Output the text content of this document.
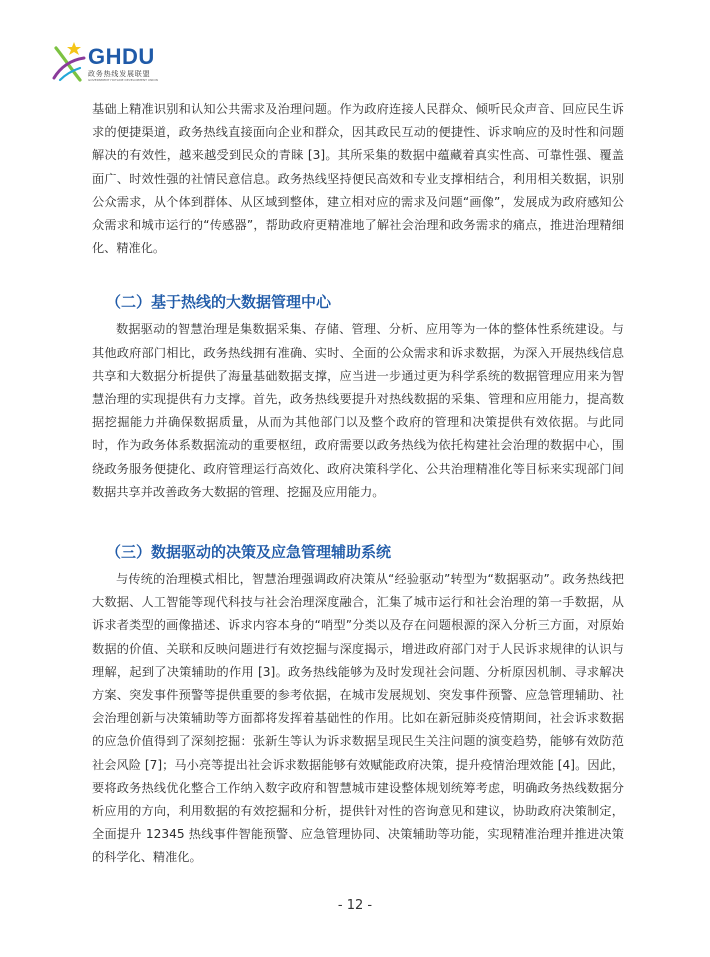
GHDU
政务热线发展联盟
GOVERNMENT HOTLINE DEVELOPMENT UNION

基础上精准识别和认知公共需求及治理问题。作为政府连接人民群众、倾听民众声音、回应民生诉求的便捷渠道，政务热线直接面向企业和群众，因其政民互动的便捷性、诉求响应的及时性和问题解决的有效性，越来越受到民众的青睐 [3]。其所采集的数据中蕴藏着真实性高、可靠性强、覆盖面广、时效性强的社情民意信息。政务热线坚持便民高效和专业支撑相结合，利用相关数据，识别公众需求，从个体到群体、从区域到整体，建立相对应的需求及问题“画像”，发展成为政府感知公众需求和城市运行的“传感器”，帮助政府更精准地了解社会治理和政务需求的痛点，推进治理精细化、精准化。

（二）基于热线的大数据管理中心

数据驱动的智慧治理是集数据采集、存储、管理、分析、应用等为一体的整体性系统建设。与其他政府部门相比，政务热线拥有准确、实时、全面的公众需求和诉求数据，为深入开展热线信息共享和大数据分析提供了海量基础数据支撑，应当进一步通过更为科学系统的数据管理应用来为智慧治理的实现提供有力支撑。首先，政务热线要提升对热线数据的采集、管理和应用能力，提高数据挖掘能力并确保数据质量，从而为其他部门以及整个政府的管理和决策提供有效依据。与此同时，作为政务体系数据流动的重要枢纽，政府需要以政务热线为依托构建社会治理的数据中心，围绕政务服务便捷化、政府管理运行高效化、政府决策科学化、公共治理精准化等目标来实现部门间数据共享并改善政务大数据的管理、挖掘及应用能力。

（三）数据驱动的决策及应急管理辅助系统

与传统的治理模式相比，智慧治理强调政府决策从“经验驱动”转型为“数据驱动”。政务热线把大数据、人工智能等现代科技与社会治理深度融合，汇集了城市运行和社会治理的第一手数据，从诉求者类型的画像描述、诉求内容本身的“哨型”分类以及存在问题根源的深入分析三方面，对原始数据的价值、关联和反映问题进行有效挖掘与深度揭示，增进政府部门对于人民诉求规律的认识与理解，起到了决策辅助的作用 [3]。政务热线能够为及时发现社会问题、分析原因机制、寻求解决方案、突发事件预警等提供重要的参考依据，在城市发展规划、突发事件预警、应急管理辅助、社会治理创新与决策辅助等方面都将发挥着基础性的作用。比如在新冠肺炎疫情期间，社会诉求数据的应急价值得到了深刻挖掘：张新生等认为诉求数据呈现民生关注问题的演变趋势，能够有效防范社会风险 [7]；马小亮等提出社会诉求数据能够有效赋能政府决策，提升疫情治理效能 [4]。因此，要将政务热线优化整合工作纳入数字政府和智慧城市建设整体规划统筹考虑，明确政务热线数据分析应用的方向，利用数据的有效挖掘和分析，提供针对性的咨询意见和建议，协助政府决策制定，全面提升 12345 热线事件智能预警、应急管理协同、决策辅助等功能，实现精准治理并推进决策的科学化、精准化。

- 12 -
